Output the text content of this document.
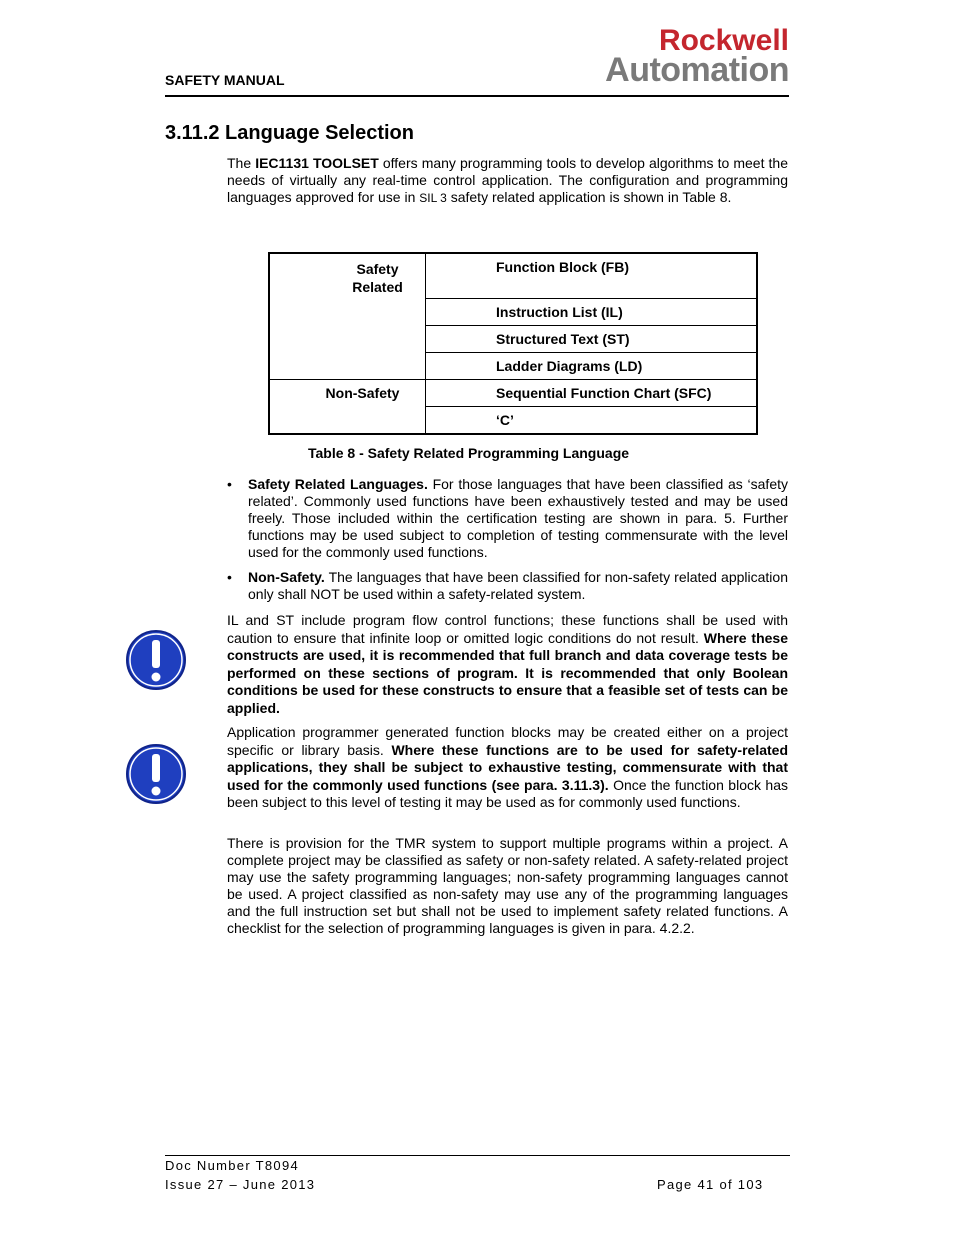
SAFETY MANUAL
Rockwell
Automation
3.11.2 Language Selection
The IEC1131 TOOLSET offers many programming tools to develop algorithms to meet the needs of virtually any real-time control application. The configuration and programming languages approved for use in SIL 3 safety related application is shown in Table 8.
Safety Related	Function Block (FB)
	Instruction List (IL)
	Structured Text (ST)
	Ladder Diagrams (LD)
Non-Safety	Sequential Function Chart (SFC)
	‘C’
Table 8 - Safety Related Programming Language
• Safety Related Languages. For those languages that have been classified as ‘safety related’. Commonly used functions have been exhaustively tested and may be used freely. Those included within the certification testing are shown in para. 5. Further functions may be used subject to completion of testing commensurate with the level used for the commonly used functions.
• Non-Safety. The languages that have been classified for non-safety related application only shall NOT be used within a safety-related system.
IL and ST include program flow control functions; these functions shall be used with caution to ensure that infinite loop or omitted logic conditions do not result. Where these constructs are used, it is recommended that full branch and data coverage tests be performed on these sections of program. It is recommended that only Boolean conditions be used for these constructs to ensure that a feasible set of tests can be applied.
Application programmer generated function blocks may be created either on a project specific or library basis. Where these functions are to be used for safety-related applications, they shall be subject to exhaustive testing, commensurate with that used for the commonly used functions (see para. 3.11.3). Once the function block has been subject to this level of testing it may be used as for commonly used functions.
There is provision for the TMR system to support multiple programs within a project. A complete project may be classified as safety or non-safety related. A safety-related project may use the safety programming languages; non-safety programming languages cannot be used. A project classified as non-safety may use any of the programming languages and the full instruction set but shall not be used to implement safety related functions. A checklist for the selection of programming languages is given in para. 4.2.2.
Doc Number T8094
Issue 27 – June 2013	Page 41 of 103
